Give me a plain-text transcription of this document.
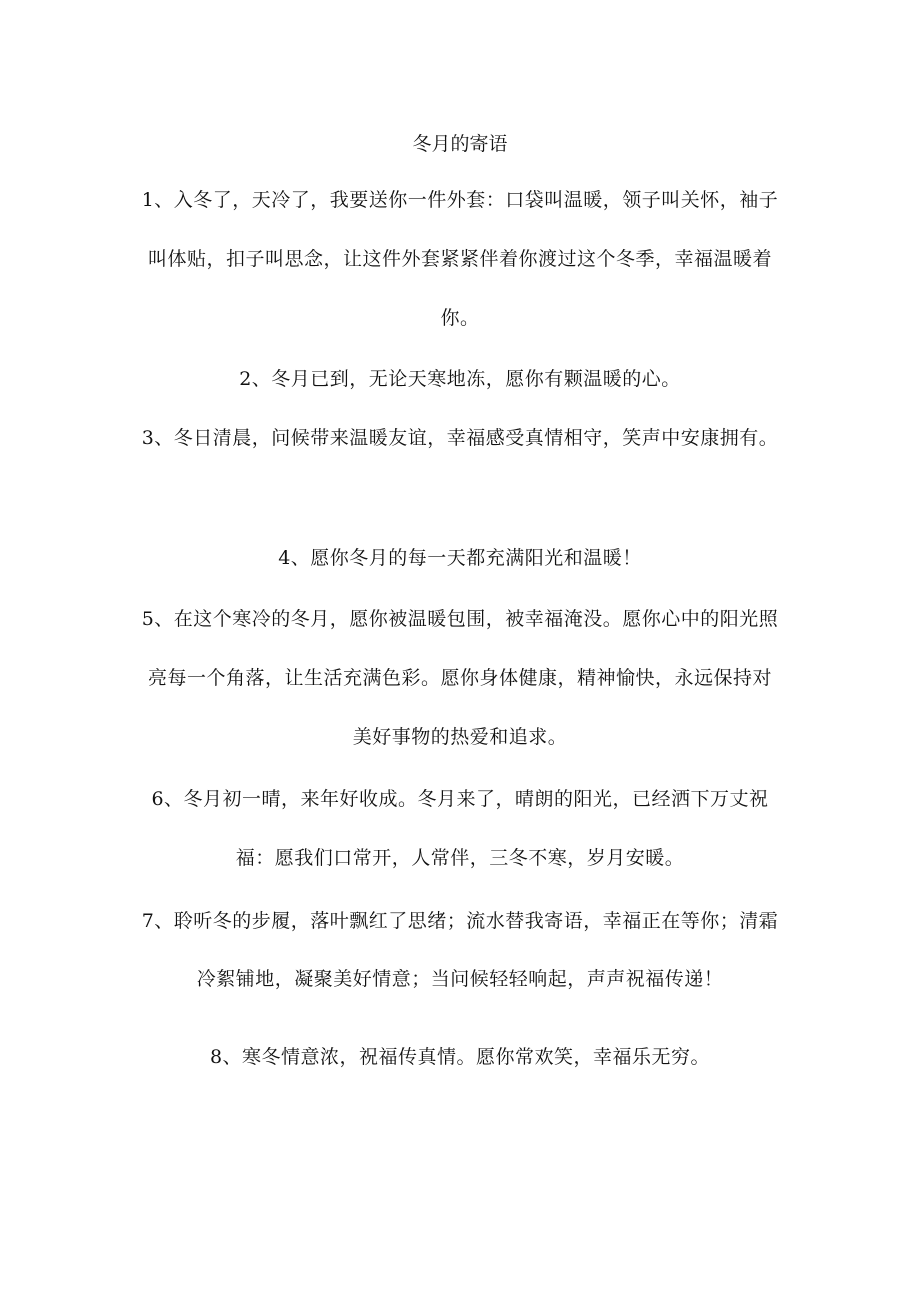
冬月的寄语
1、入冬了，天冷了，我要送你一件外套：口袋叫温暖，领子叫关怀，袖子叫体贴，扣子叫思念，让这件外套紧紧伴着你渡过这个冬季，幸福温暖着你。
2、冬月已到，无论天寒地冻，愿你有颗温暖的心。
3、冬日清晨，问候带来温暖友谊，幸福感受真情相守，笑声中安康拥有。
4、愿你冬月的每一天都充满阳光和温暖！
5、在这个寒冷的冬月，愿你被温暖包围，被幸福淹没。愿你心中的阳光照亮每一个角落，让生活充满色彩。愿你身体健康，精神愉快，永远保持对美好事物的热爱和追求。
6、冬月初一晴，来年好收成。冬月来了，晴朗的阳光，已经洒下万丈祝福：愿我们口常开，人常伴，三冬不寒，岁月安暖。
7、聆听冬的步履，落叶飘红了思绪；流水替我寄语，幸福正在等你；清霜冷絮铺地，凝聚美好情意；当问候轻轻响起，声声祝福传递！
8、寒冬情意浓，祝福传真情。愿你常欢笑，幸福乐无穷。
